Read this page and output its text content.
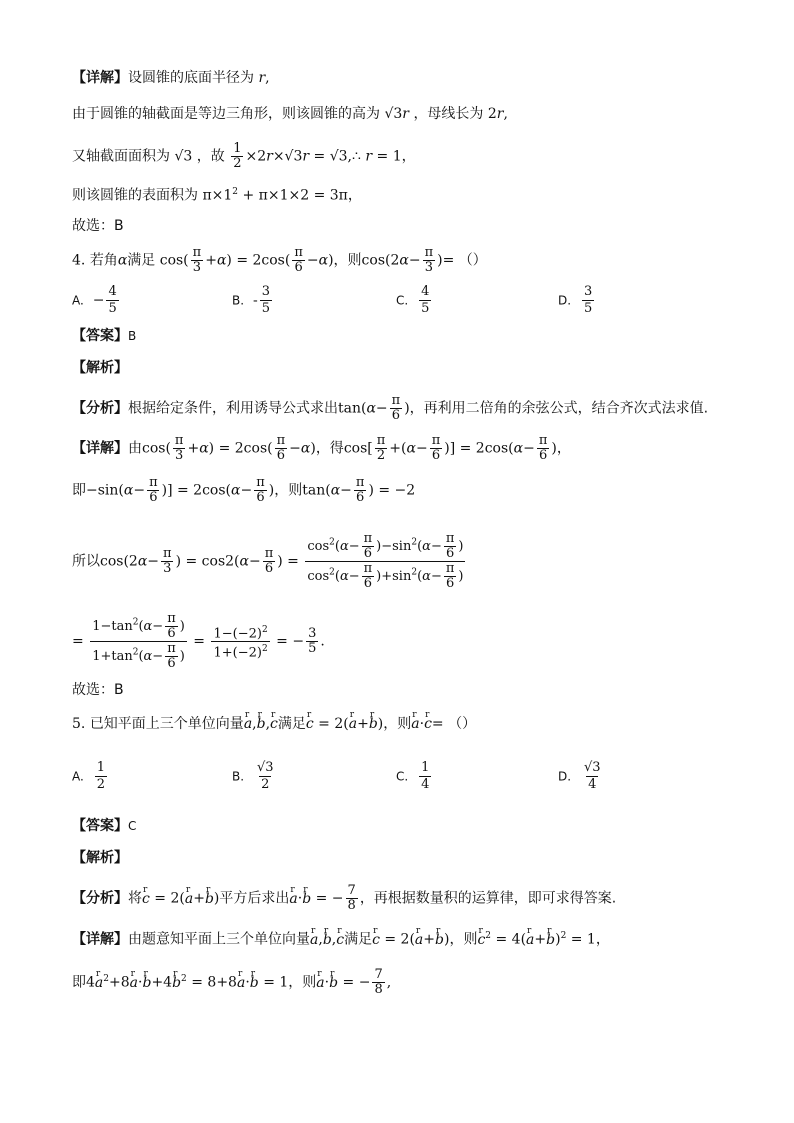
【详解】设圆锥的底面半径为 r,
由于圆锥的轴截面是等边三角形，则该圆锥的高为 √3r ，母线长为 2r,
又轴截面面积为 √3 ，故 $\frac{1}{2} \times 2r\times√3r$ = √3,∴ r = 1，
则该圆锥的表面积为 $\pi\times 1^2 + \pi\times 1\times 2 = 3\pi$，
故选：B
4. 若角α满足 $\cos( \frac{\pi}{3} +\alpha) = 2\cos( \frac{\pi}{6} -\alpha)$，则$\cos(2\alpha- \frac{\pi}{3}$ )= （）
A. − $\frac{4}{5}$	B. - $\frac{3}{5}$	C. $\frac{4}{5}$	D. $\frac{3}{5}$
【答案】B
【解析】
【分析】根据给定条件，利用诱导公式求出$\tan(\alpha- \frac{\pi}{6}$ )，再利用二倍角的余弦公式，结合齐次式法求值.
【详解】由$\cos( \frac{\pi}{3} +\alpha) = 2\cos( \frac{\pi}{6} -\alpha)$，得$\cos[ \frac{\pi}{2} +(\alpha- \frac{\pi}{6}$ )] = $2\cos(\alpha- \frac{\pi}{6}$ )，
即$-\sin(\alpha- \frac{\pi}{6}$ )] = $2\cos(\alpha- \frac{\pi}{6}$ )，则$\tan(\alpha- \frac{\pi}{6}$ ) = −2
所以$\cos(2\alpha- \frac{\pi}{3}$ ) = $\cos 2(\alpha- \frac{\pi}{6}$ ) = $\frac{\cos^2(\alpha- \frac{\pi}{6} )-\sin^2(\alpha- \frac{\pi}{6} )}{\cos^2(\alpha- \frac{\pi}{6} )+\sin^2(\alpha- \frac{\pi}{6} )}$
= $\frac{1-\tan^2(\alpha- \frac{\pi}{6} )}{1+\tan^2(\alpha- \frac{\pi}{6} )} = \frac{1-(-2)^2}{1+(-2)^2}$ = − $\frac{3}{5}$ .
故选：B
5. 已知平面上三个单位向量r a,r b,r c满足r c = 2(r a+r b)，则r a·r c= （）
A. $\frac{1}{2}$	B. $\frac{√3}{2}$	C. $\frac{1}{4}$	D. $\frac{√3}{4}$
【答案】C
【解析】
【分析】将r c = 2(r a+r b)平方后求出r a·r b = − $\frac{7}{8}$ ，再根据数量积的运算律，即可求得答案.
【详解】由题意知平面上三个单位向量r a,r b,r c满足r c = 2(r a+r b)，则r $c^2 = 4(r$ a+r b)$^2$ = 1，
即4r $a^2+8r$ a·r b+4r $b^2 = 8+8r$ a·r b = 1，则r a·r b = − $\frac{7}{8}$ ,
